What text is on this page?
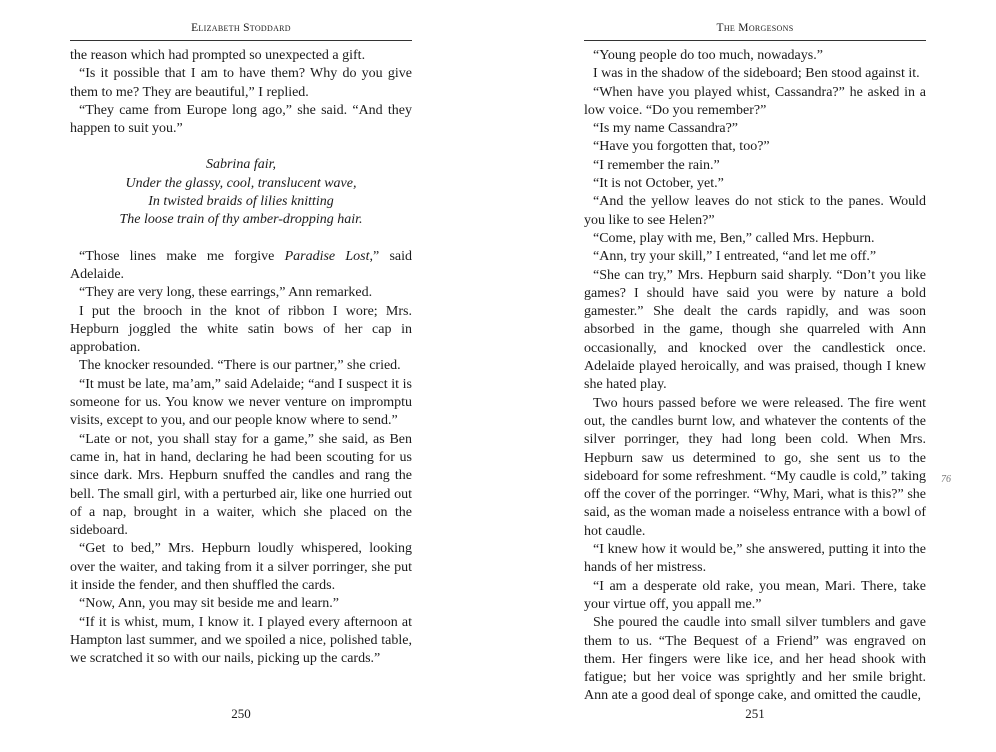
Elizabeth Stoddard

the reason which had prompted so unexpected a gift.

“Is it possible that I am to have them? Why do you give them to me? They are beautiful,” I replied.

“They came from Europe long ago,” she said. “And they happen to suit you.”

Sabrina fair,
Under the glassy, cool, translucent wave,
In twisted braids of lilies knitting
The loose train of thy amber-dropping hair.

“Those lines make me forgive Paradise Lost,” said Adelaide.

“They are very long, these earrings,” Ann remarked.

I put the brooch in the knot of ribbon I wore; Mrs. Hepburn joggled the white satin bows of her cap in approbation.

The knocker resounded. “There is our partner,” she cried.

“It must be late, ma’am,” said Adelaide; “and I suspect it is someone for us. You know we never venture on impromptu visits, except to you, and our people know where to send.”

“Late or not, you shall stay for a game,” she said, as Ben came in, hat in hand, declaring he had been scouting for us since dark. Mrs. Hepburn snuffed the candles and rang the bell. The small girl, with a perturbed air, like one hurried out of a nap, brought in a waiter, which she placed on the sideboard.

“Get to bed,” Mrs. Hepburn loudly whispered, looking over the waiter, and taking from it a silver porringer, she put it inside the fender, and then shuffled the cards.

“Now, Ann, you may sit beside me and learn.”

“If it is whist, mum, I know it. I played every afternoon at Hampton last summer, and we spoiled a nice, polished table, we scratched it so with our nails, picking up the cards.”

250
The Morgesons

“Young people do too much, nowadays.”

I was in the shadow of the sideboard; Ben stood against it.

“When have you played whist, Cassandra?” he asked in a low voice. “Do you remember?”

“Is my name Cassandra?”

“Have you forgotten that, too?”

“I remember the rain.”

“It is not October, yet.”

“And the yellow leaves do not stick to the panes. Would you like to see Helen?”

“Come, play with me, Ben,” called Mrs. Hepburn.

“Ann, try your skill,” I entreated, “and let me off.”

“She can try,” Mrs. Hepburn said sharply. “Don’t you like games? I should have said you were by nature a bold gamester.” She dealt the cards rapidly, and was soon absorbed in the game, though she quarreled with Ann occasionally, and knocked over the candlestick once. Adelaide played heroically, and was praised, though I knew she hated play.

Two hours passed before we were released. The fire went out, the candles burnt low, and whatever the contents of the silver porringer, they had long been cold. When Mrs. Hepburn saw us determined to go, she sent us to the sideboard for some refreshment. “My caudle is cold,” taking off the cover of the porringer. “Why, Mari, what is this?” she said, as the woman made a noiseless entrance with a bowl of hot caudle.

“I knew how it would be,” she answered, putting it into the hands of her mistress.

“I am a desperate old rake, you mean, Mari. There, take your virtue off, you appall me.”

She poured the caudle into small silver tumblers and gave them to us. “The Bequest of a Friend” was engraved on them. Her fingers were like ice, and her head shook with fatigue; but her voice was sprightly and her smile bright. Ann ate a good deal of sponge cake, and omitted the caudle,

251
76
